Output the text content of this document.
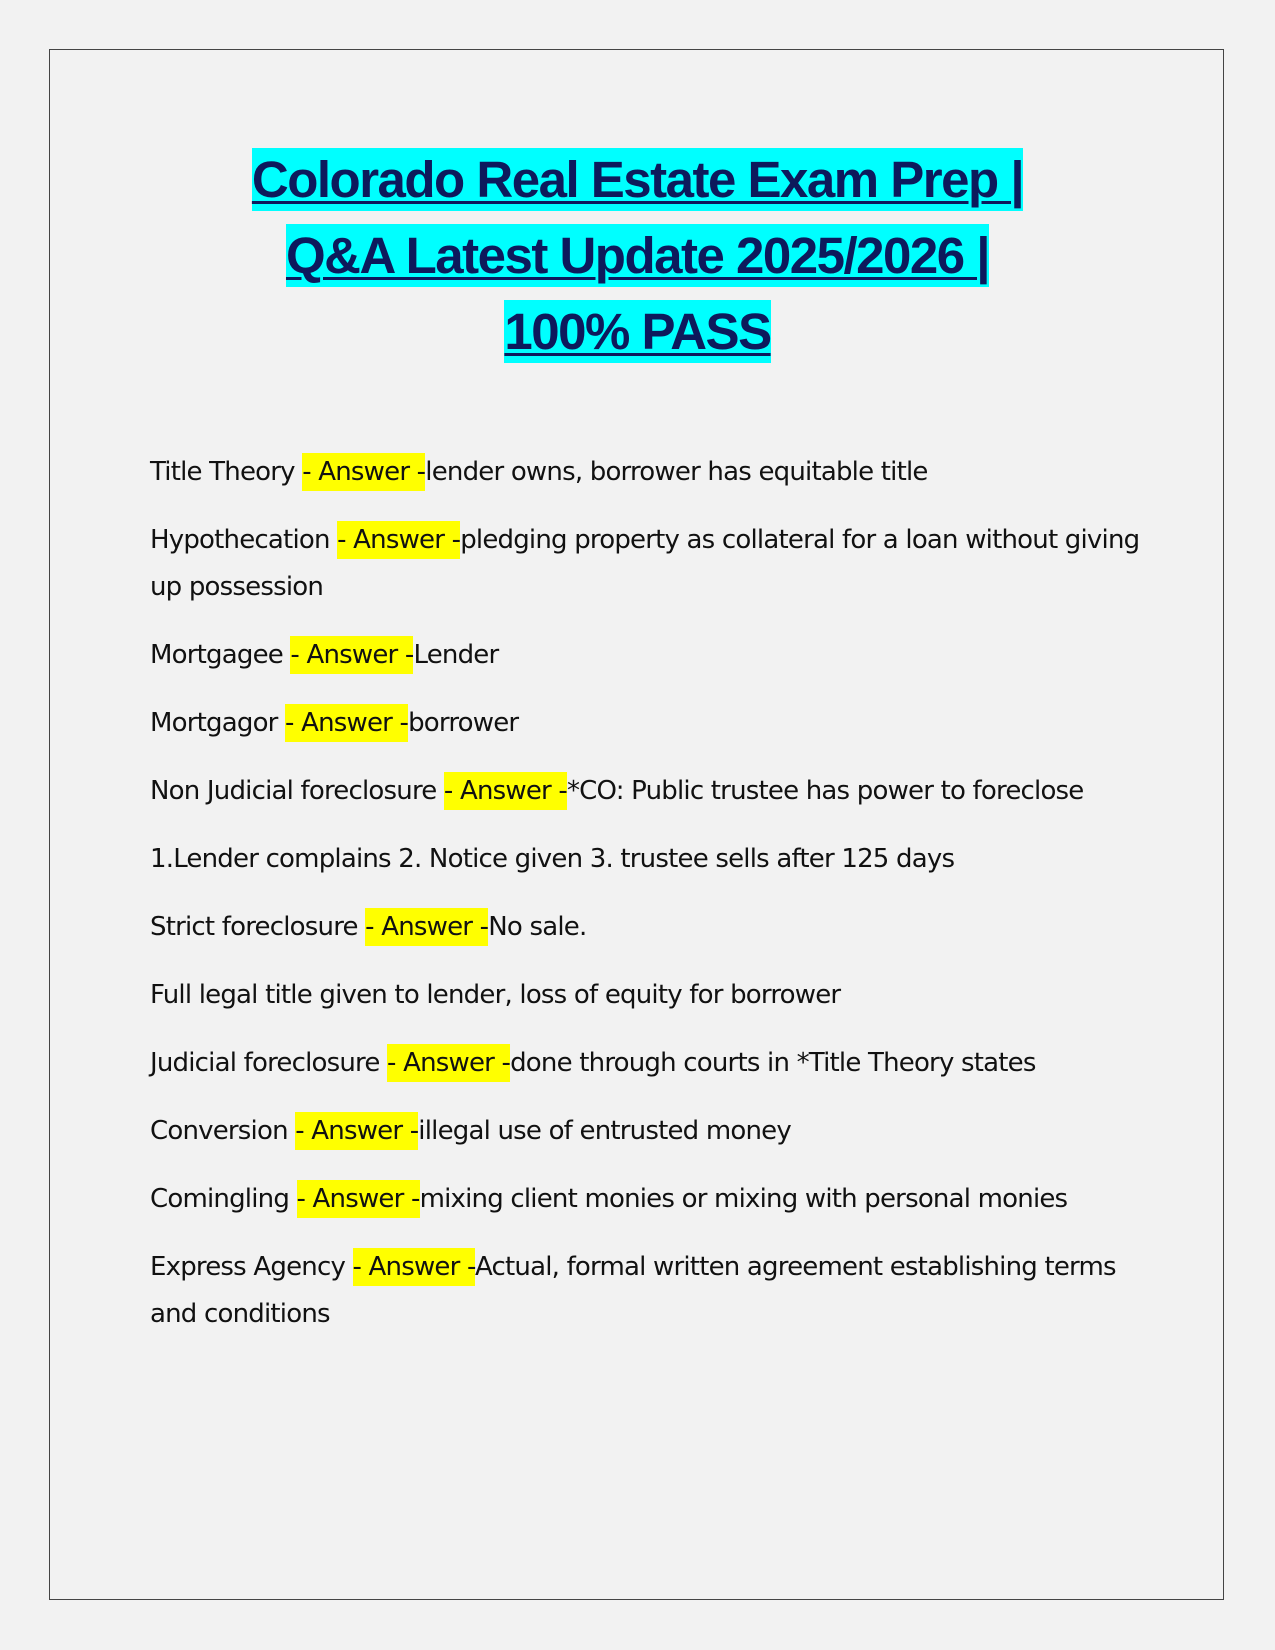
Colorado Real Estate Exam Prep |
Q&A Latest Update 2025/2026 |
100% PASS
Title Theory - Answer -lender owns, borrower has equitable title
Hypothecation - Answer -pledging property as collateral for a loan without giving up possession
Mortgagee - Answer -Lender
Mortgagor - Answer -borrower
Non Judicial foreclosure - Answer -*CO: Public trustee has power to foreclose
1.Lender complains 2. Notice given 3. trustee sells after 125 days
Strict foreclosure - Answer -No sale.
Full legal title given to lender, loss of equity for borrower
Judicial foreclosure - Answer -done through courts in *Title Theory states
Conversion - Answer -illegal use of entrusted money
Comingling - Answer -mixing client monies or mixing with personal monies
Express Agency - Answer -Actual, formal written agreement establishing terms and conditions
